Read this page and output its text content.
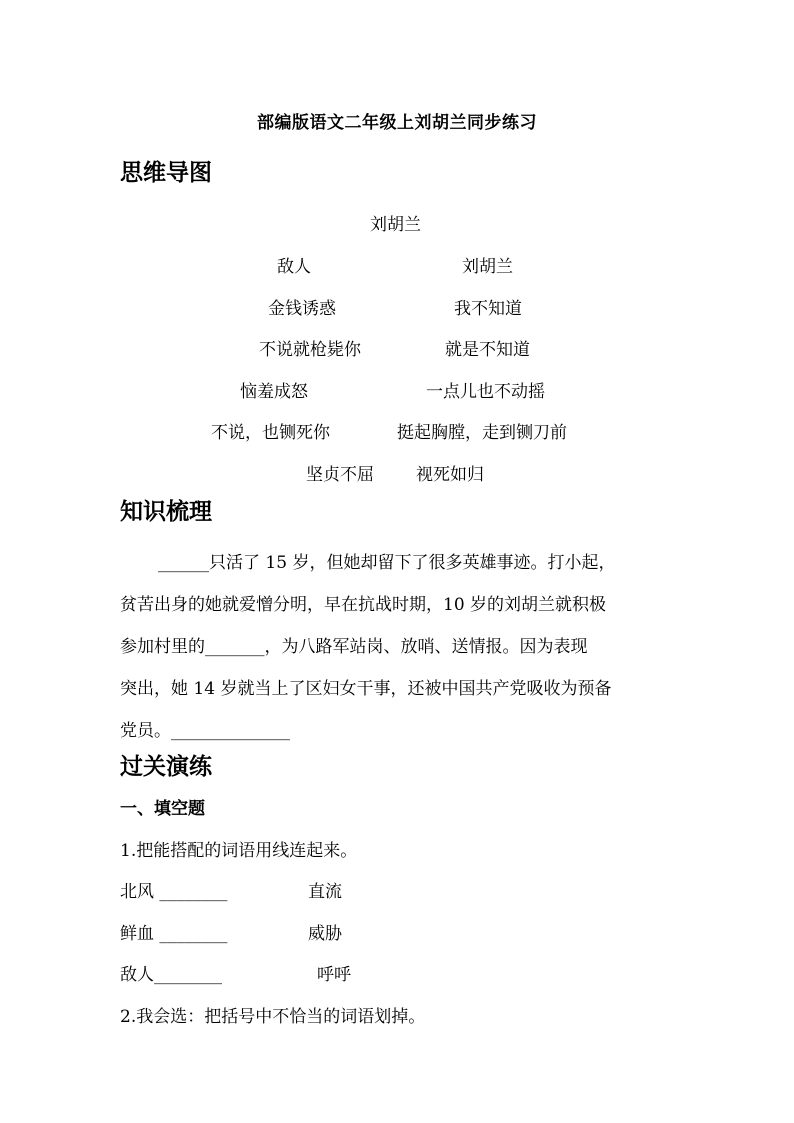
部编版语文二年级上刘胡兰同步练习
思维导图
刘胡兰
敌人	刘胡兰
金钱诱惑	我不知道
不说就枪毙你	就是不知道
恼羞成怒	一点儿也不动摇
不说，也铡死你	挺起胸膛，走到铡刀前
坚贞不屈 视死如归
知识梳理
______只活了 15 岁，但她却留下了很多英雄事迹。打小起，
贫苦出身的她就爱憎分明，早在抗战时期，10 岁的刘胡兰就积极
参加村里的_______，为八路军站岗、放哨、送情报。因为表现
突出，她 14 岁就当上了区妇女干事，还被中国共产党吸收为预备
党员。______________
过关演练
一、填空题
1.把能搭配的词语用线连起来。
北风 ________	直流
鲜血 ________	威胁
敌人________	呼呼
2.我会选：把括号中不恰当的词语划掉。
